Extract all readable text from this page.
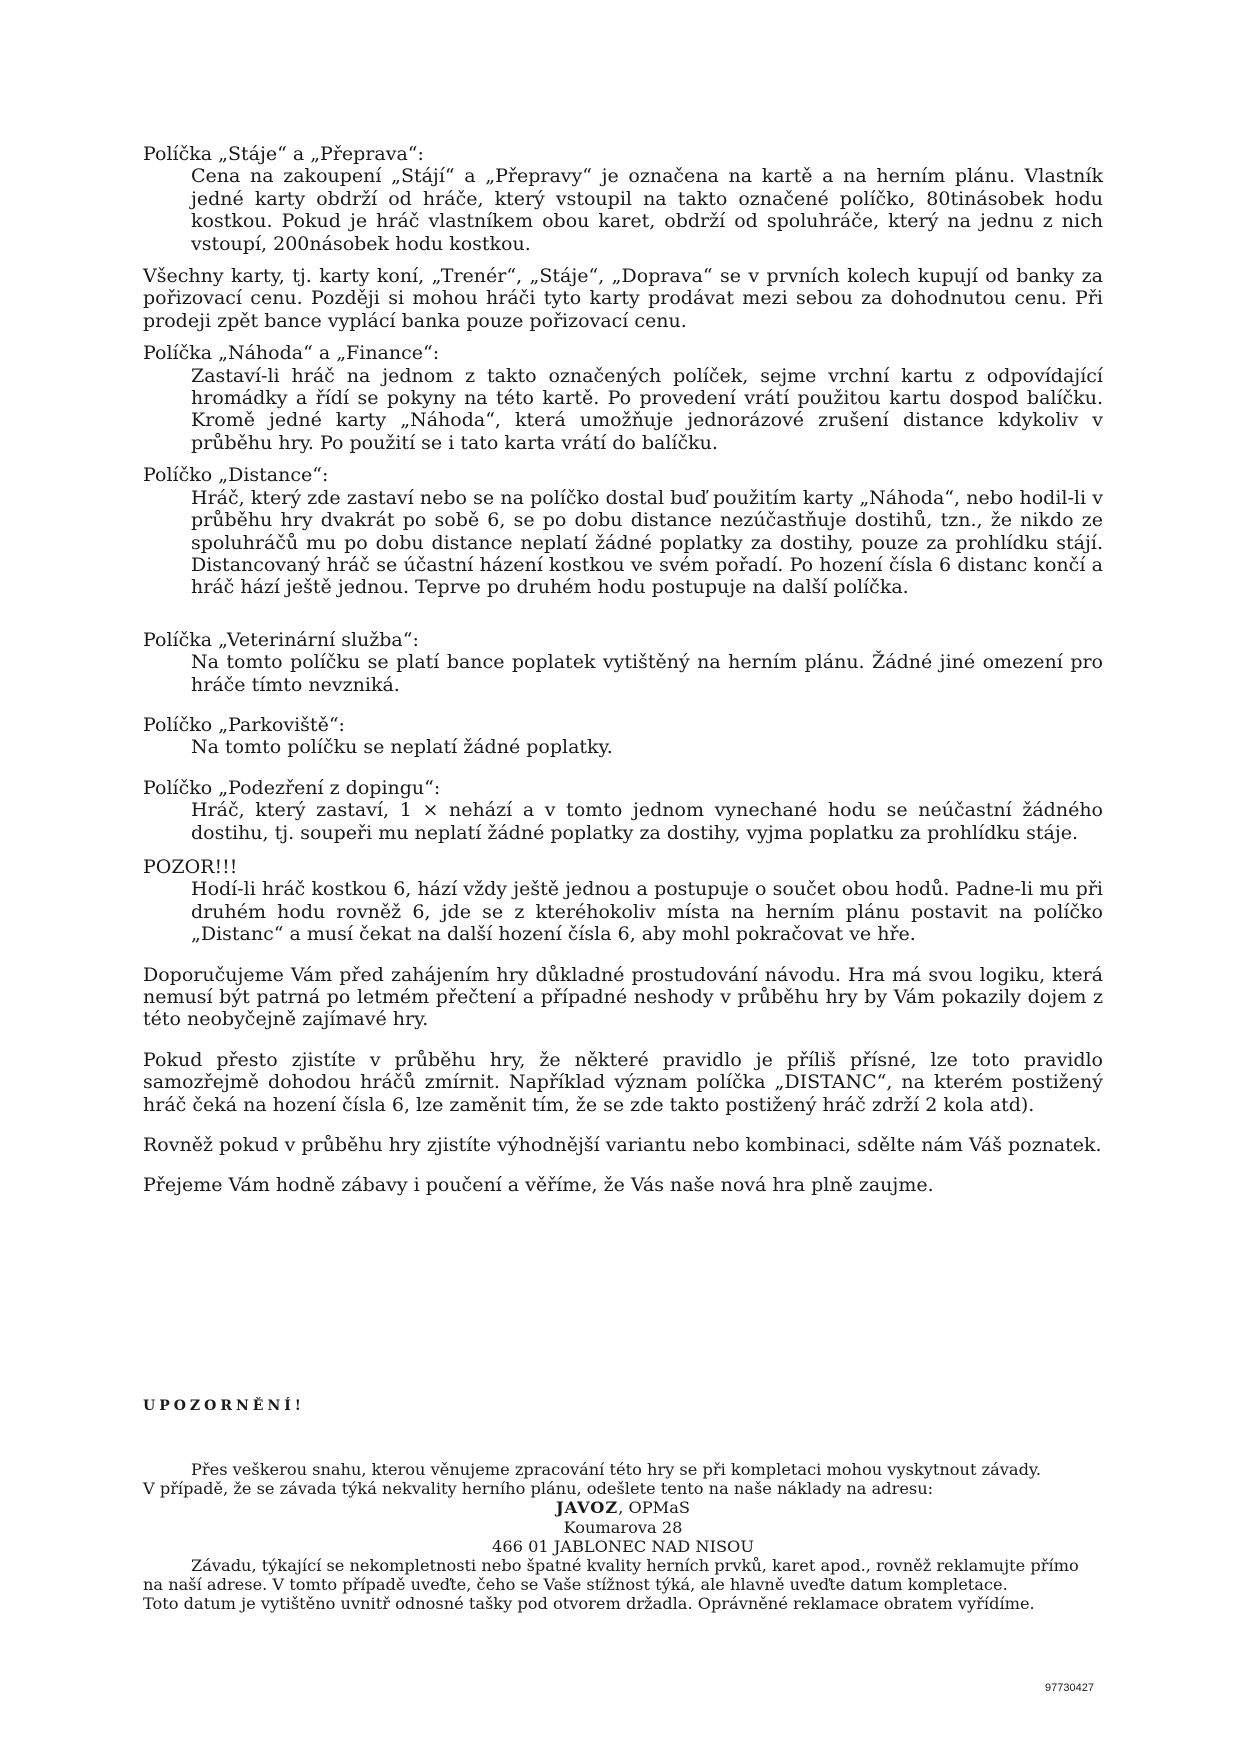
Políčka „Stáje“ a „Přeprava“:

Cena na zakoupení „Stájí“ a „Přepravy“ je označena na kartě a na herním plánu. Vlastník jedné karty obdrží od hráče, který vstoupil na takto označené políčko, 80tinásobek hodu kostkou. Pokud je hráč vlastníkem obou karet, obdrží od spoluhráče, který na jednu z nich vstoupí, 200násobek hodu kostkou.

Všechny karty, tj. karty koní, „Trenér“, „Stáje“, „Doprava“ se v prvních kolech kupují od banky za pořizovací cenu. Později si mohou hráči tyto karty prodávat mezi sebou za dohodnutou cenu. Při prodeji zpět bance vyplácí banka pouze pořizovací cenu.

Políčka „Náhoda“ a „Finance“:

Zastaví-li hráč na jednom z takto označených políček, sejme vrchní kartu z odpovídající hromádky a řídí se pokyny na této kartě. Po provedení vrátí použitou kartu dospod balíčku. Kromě jedné karty „Náhoda“, která umožňuje jednorázové zrušení distance kdykoliv v průběhu hry. Po použití se i tato karta vrátí do balíčku.

Políčko „Distance“:

Hráč, který zde zastaví nebo se na políčko dostal buď použitím karty „Náhoda“, nebo hodil-li v průběhu hry dvakrát po sobě 6, se po dobu distance nezúčastňuje dostihů, tzn., že nikdo ze spoluhráčů mu po dobu distance neplatí žádné poplatky za dostihy, pouze za prohlídku stájí. Distancovaný hráč se účastní házení kostkou ve svém pořadí. Po hození čísla 6 distanc končí a hráč hází ještě jednou. Teprve po druhém hodu postupuje na další políčka.

Políčka „Veterinární služba“:

Na tomto políčku se platí bance poplatek vytištěný na herním plánu. Žádné jiné omezení pro hráče tímto nevzniká.

Políčko „Parkoviště“:

Na tomto políčku se neplatí žádné poplatky.

Políčko „Podezření z dopingu“:

Hráč, který zastaví, 1 × nehází a v tomto jednom vynechané hodu se neúčastní žádného dostihu, tj. soupeři mu neplatí žádné poplatky za dostihy, vyjma poplatku za prohlídku stáje.

POZOR!!!

Hodí-li hráč kostkou 6, hází vždy ještě jednou a postupuje o součet obou hodů. Padne-li mu při druhém hodu rovněž 6, jde se z kteréhokoliv místa na herním plánu postavit na políčko „Distanc“ a musí čekat na další hození čísla 6, aby mohl pokračovat ve hře.

Doporučujeme Vám před zahájením hry důkladné prostudování návodu. Hra má svou logiku, která nemusí být patrná po letmém přečtení a případné neshody v průběhu hry by Vám pokazily dojem z této neobyčejně zajímavé hry.

Pokud přesto zjistíte v průběhu hry, že některé pravidlo je příliš přísné, lze toto pravidlo samozřejmě dohodou hráčů zmírnit. Například význam políčka „DISTANC“, na kterém postižený hráč čeká na hození čísla 6, lze zaměnit tím, že se zde takto postižený hráč zdrží 2 kola atd).

Rovněž pokud v průběhu hry zjistíte výhodnější variantu nebo kombinaci, sdělte nám Váš poznatek.

Přejeme Vám hodně zábavy i poučení a věříme, že Vás naše nová hra plně zaujme.

UPOZORNĚNÍ!

Přes veškerou snahu, kterou věnujeme zpracování této hry se při kompletaci mohou vyskytnout závady.

V případě, že se závada týká nekvality herního plánu, odešlete tento na naše náklady na adresu:

JAVOZ, OPMaS

Koumarova 28

466 01 JABLONEC NAD NISOU

Závadu, týkající se nekompletnosti nebo špatné kvality herních prvků, karet apod., rovněž reklamujte přímo

na naší adrese. V tomto případě uveďte, čeho se Vaše stížnost týká, ale hlavně uveďte datum kompletace.

Toto datum je vytištěno uvnitř odnosné tašky pod otvorem držadla. Oprávněné reklamace obratem vyřídíme.

97730427
